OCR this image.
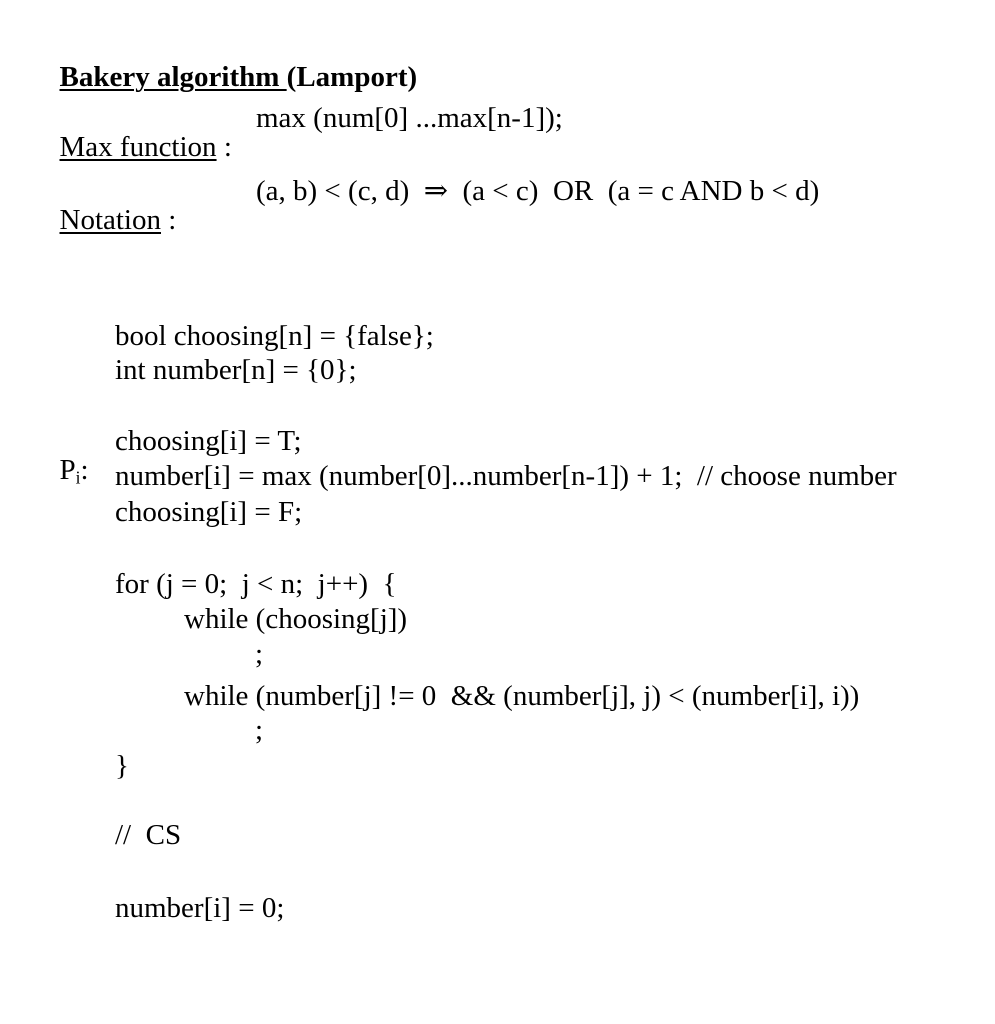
Bakery algorithm (Lamport)

Max function :

max (num[0] ...max[n-1]);

Notation :

(a, b) < (c, d)  ⇒  (a < c)  OR  (a = c AND b < d)
bool choosing[n] = {false};
int number[n] = {0};

$P_i$:

choosing[i] = T;
number[i] = max (number[0]...number[n-1]) + 1;  // choose number
choosing[i] = F;
for (j = 0;  j < n;  j++)  {
while (choosing[j])
;
while (number[j] != 0  && (number[j], j) < (number[i], i))
;
}
//  CS
number[i] = 0;
